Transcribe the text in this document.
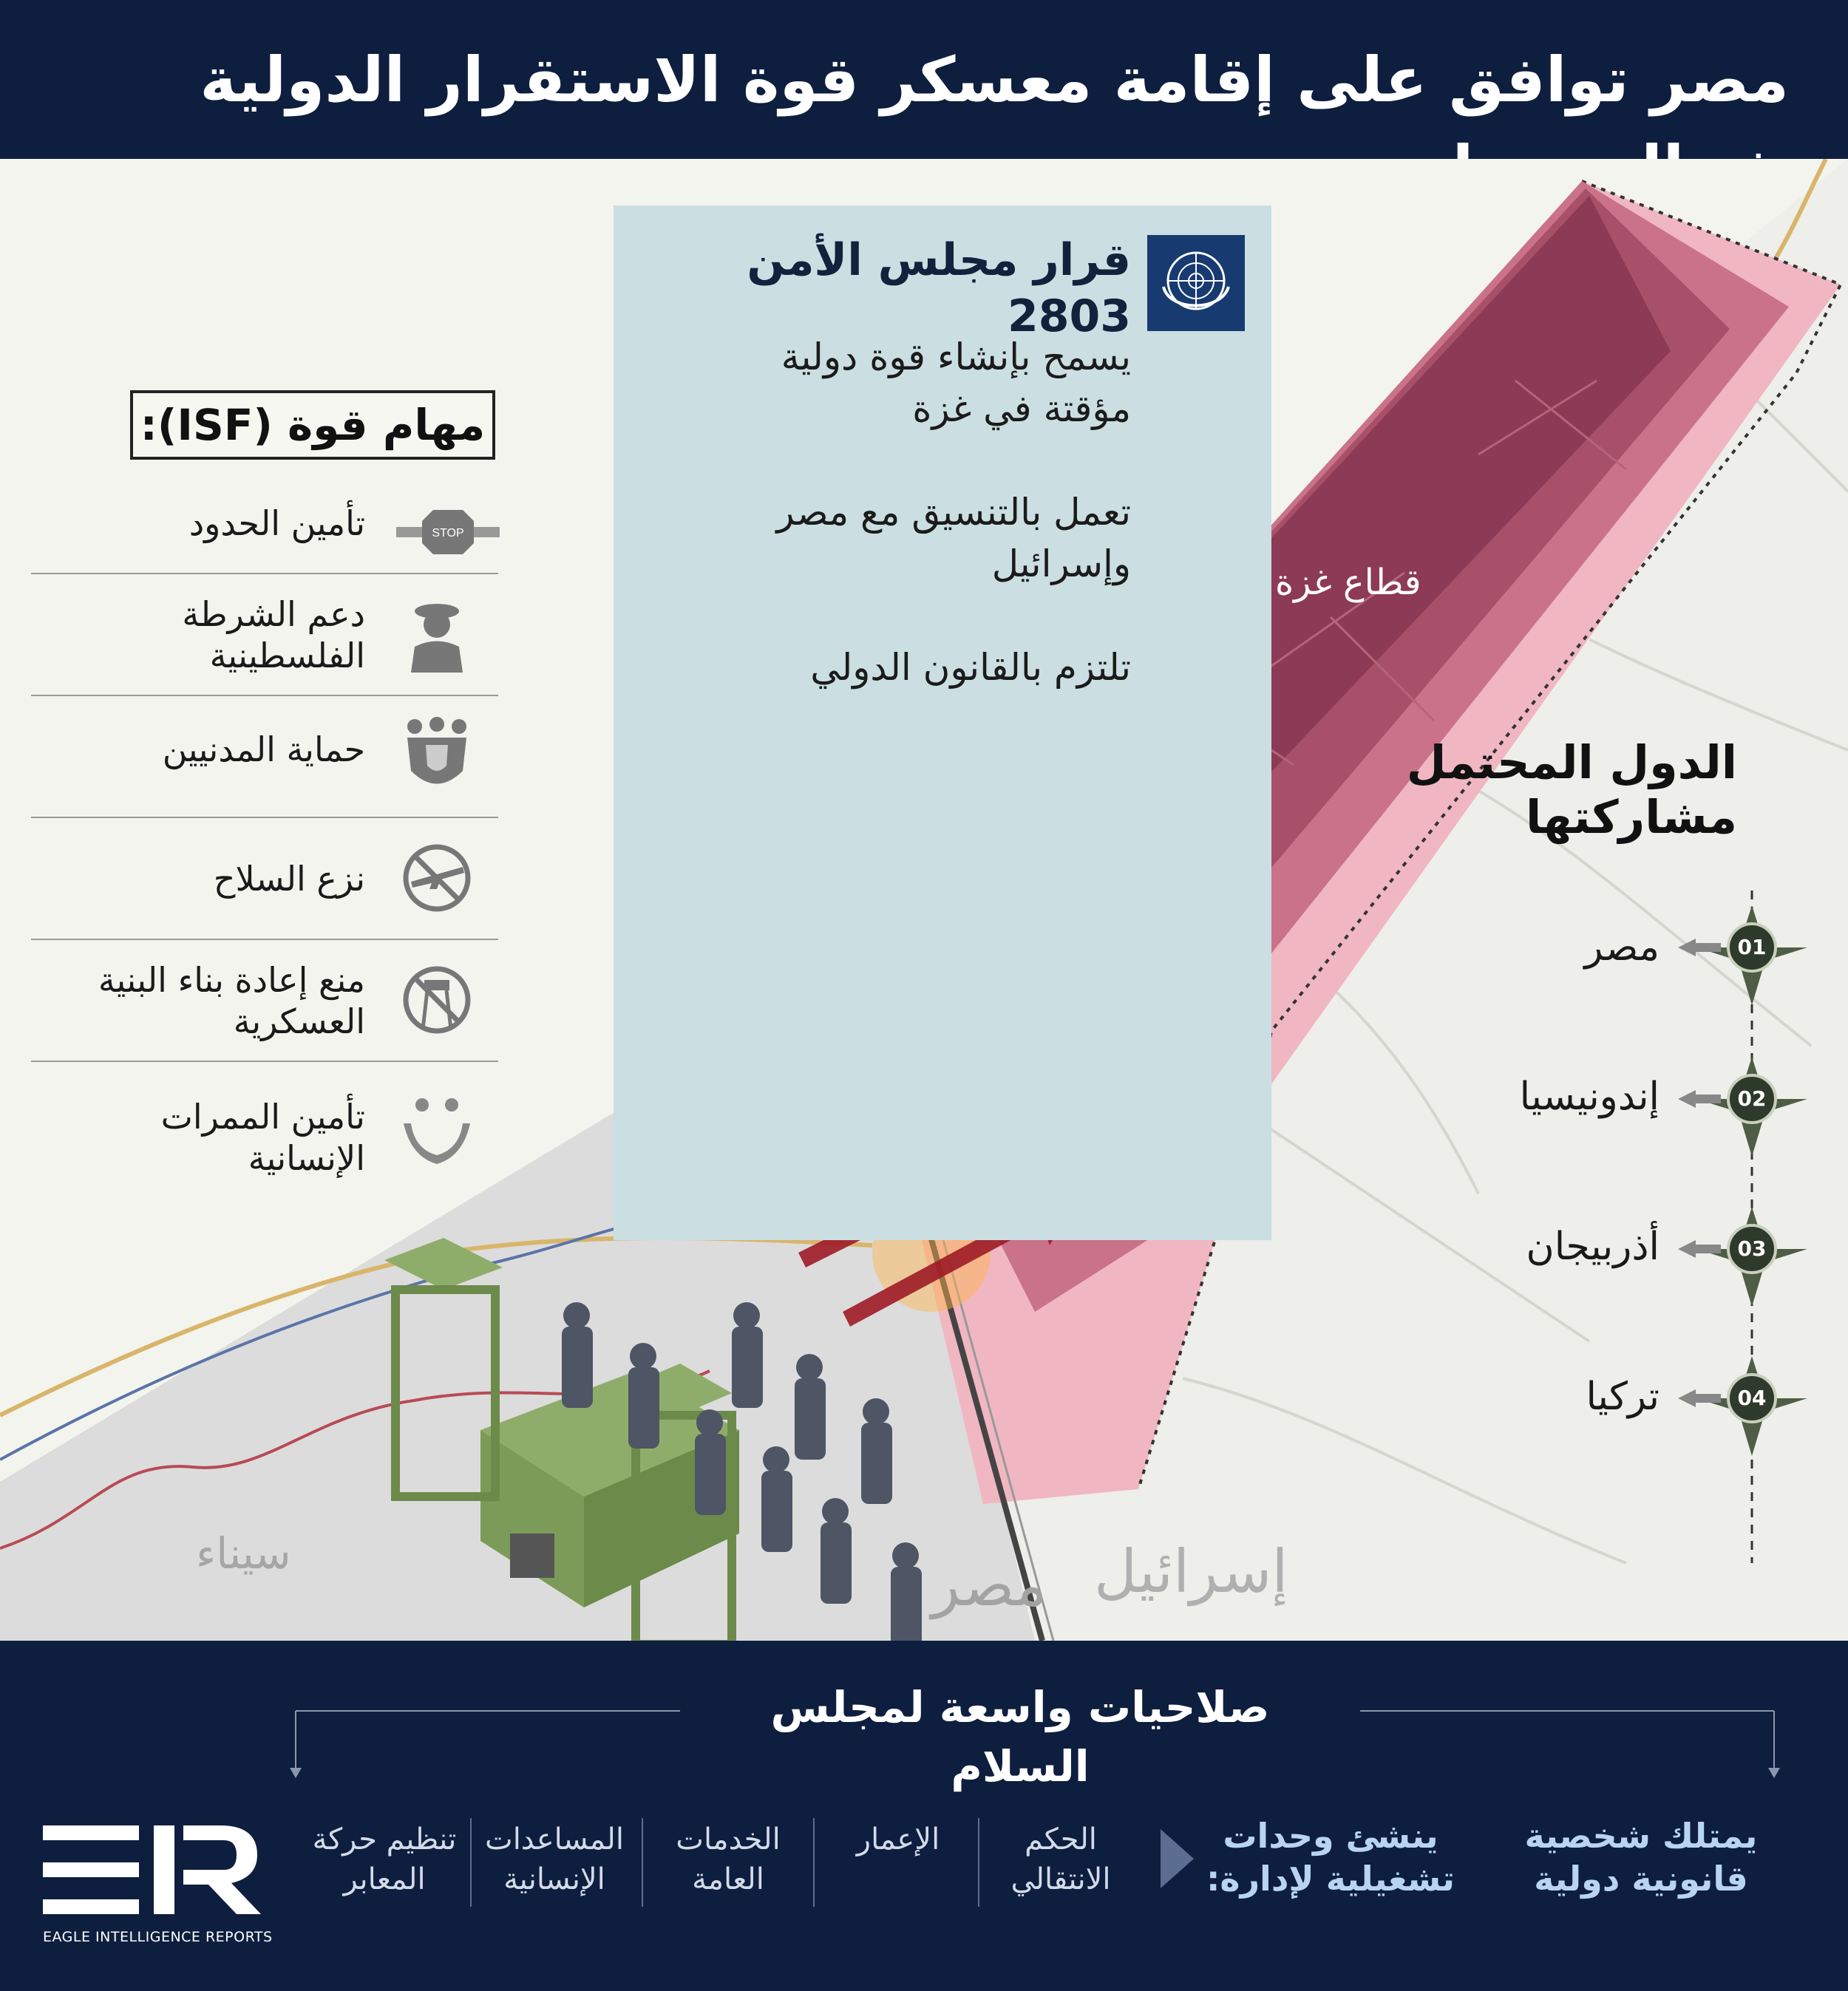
مصر توافق على إقامة معسكر قوة الاستقرار الدولية
قطاع غزة
سيناء	مصر إسرائيل
قرار مجلس الأمن 2803
يسمح بإنشاء قوة دولية مؤقتة في غزة
تعمل بالتنسيق مع مصر وإسرائيل
تلتزم بالقانون الدولي
مهام قوة (ISF):
تأمين الحدود	STOP
دعم الشرطة الفلسطينية
حماية المدنيين
نزع السلاح
منع إعادة بناء البنية العسكرية
تأمين الممرات الإنسانية
الدول المحتمل مشاركتها
01
02
03
04
مصر
إندونيسيا
أذربيجان
تركيا
صلاحيات واسعة لمجلس السلام
يمتلك شخصية قانونية دولية
ينشئ وحدات تشغيلية لإدارة:
الحكم الانتقالي
الإعمار
الخدمات العامة
المساعدات الإنسانية
تنظيم حركة المعابر
EAGLE INTELLIGENCE REPORTS
